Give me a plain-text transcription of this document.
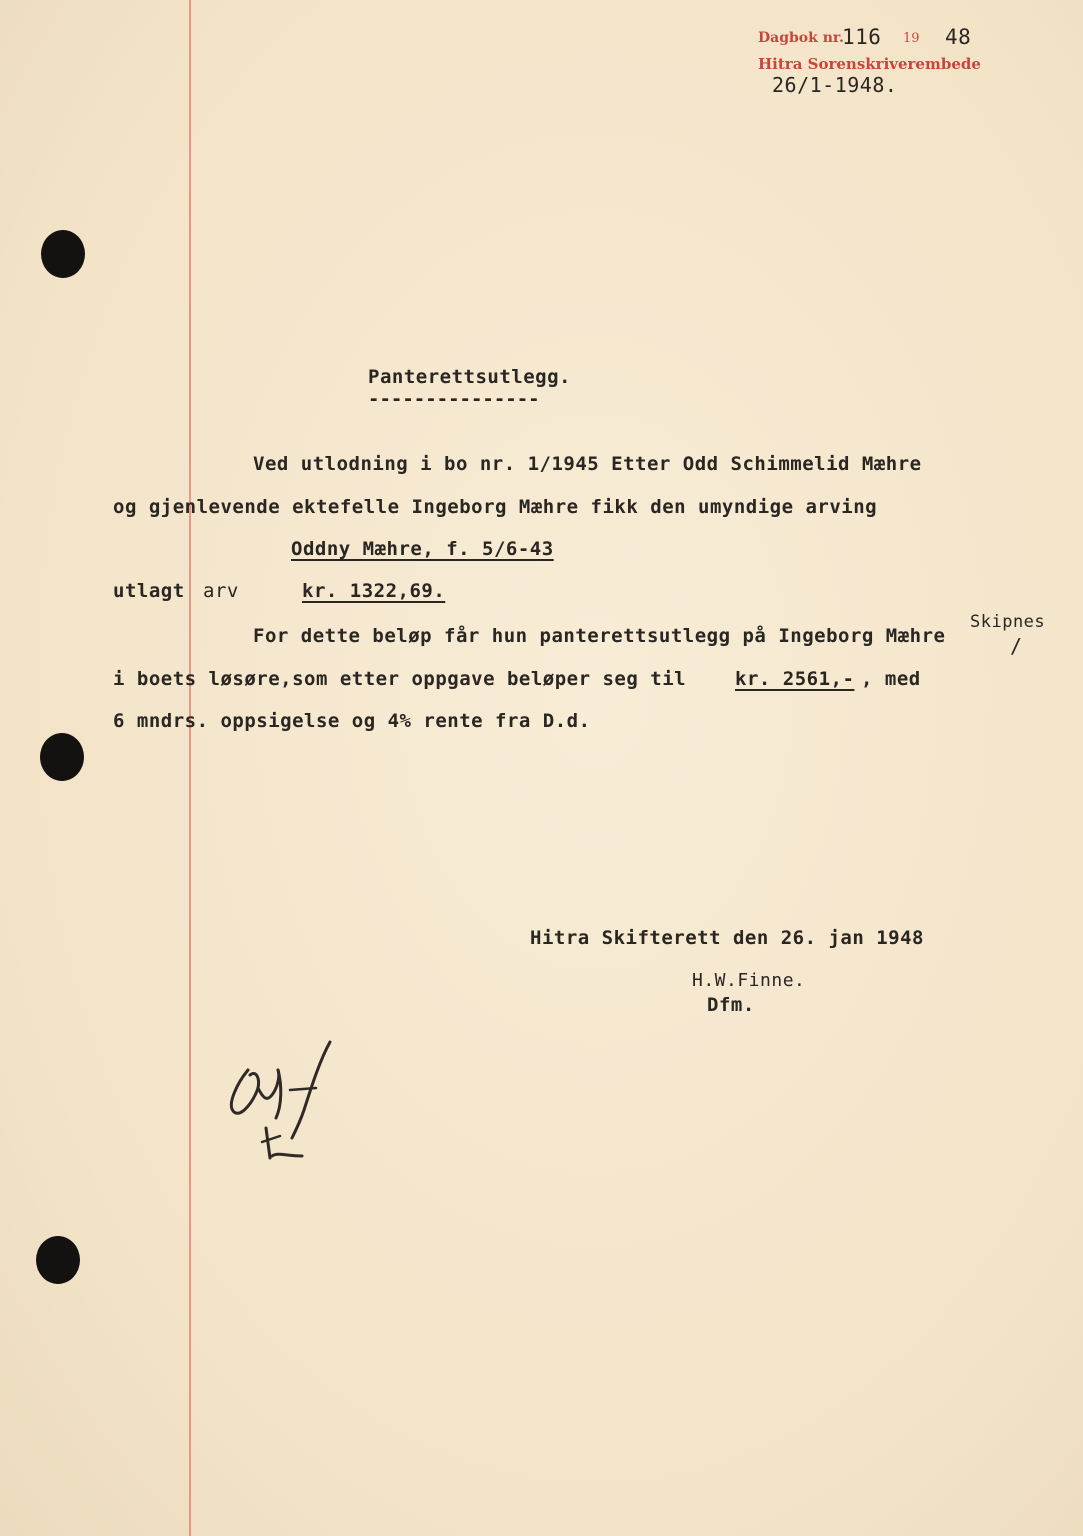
Dagbok nr.
116 19 48
Hitra Sorenskriverembede
26/1-1948.
Panterettsutlegg.
---------------
Ved utlodning i bo nr. 1/1945 Etter Odd Schimmelid Mæhre
og gjenlevende ektefelle Ingeborg Mæhre fikk den umyndige arving
Oddny Mæhre, f. 5/6-43
utlagt arv	kr. 1322,69.
Skipnes
/
For dette beløp får hun panterettsutlegg på Ingeborg Mæhre
i boets løsøre,som etter oppgave beløper seg til	kr. 2561,- , med
6 mndrs. oppsigelse og 4% rente fra D.d.
Hitra Skifterett den 26. jan 1948
H.W.Finne.
Dfm.
